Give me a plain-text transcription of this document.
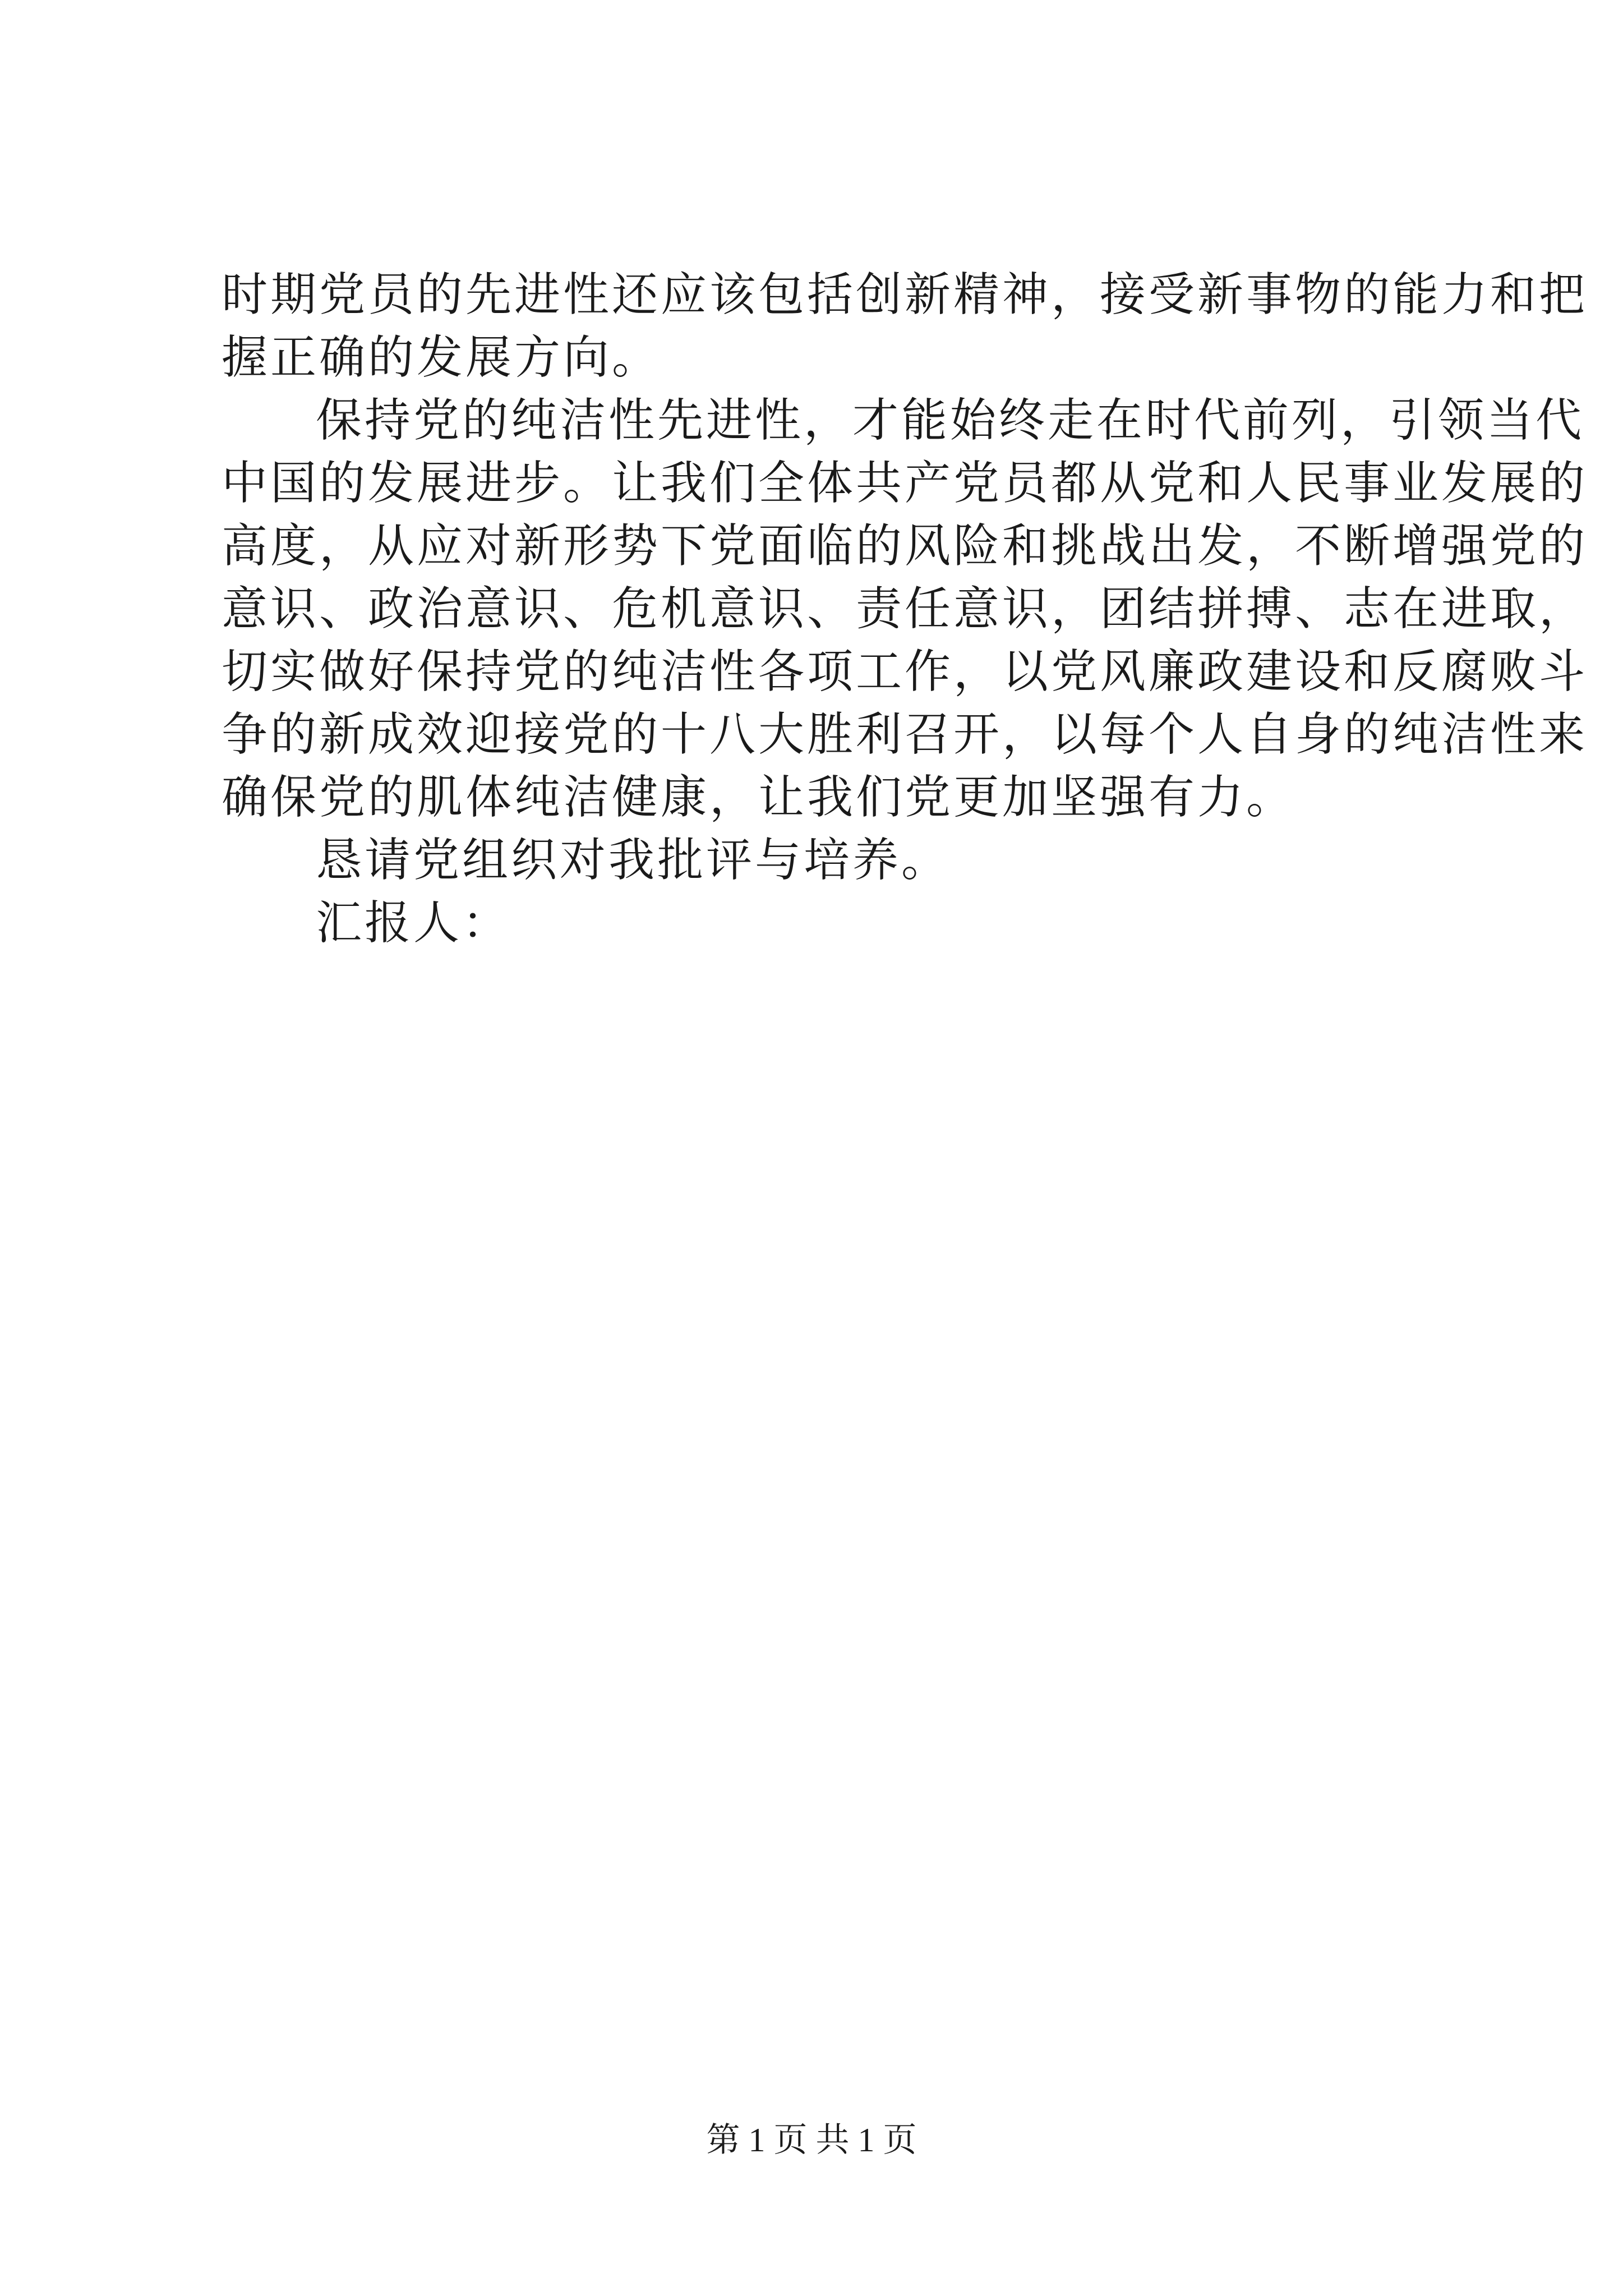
时期党员的先进性还应该包括创新精神，接受新事物的能力和把
握正确的发展方向。
保持党的纯洁性先进性，才能始终走在时代前列，引领当代
中国的发展进步。让我们全体共产党员都从党和人民事业发展的
高度，从应对新形势下党面临的风险和挑战出发，不断增强党的
意识、政治意识、危机意识、责任意识，团结拼搏、志在进取，
切实做好保持党的纯洁性各项工作，以党风廉政建设和反腐败斗
争的新成效迎接党的十八大胜利召开，以每个人自身的纯洁性来
确保党的肌体纯洁健康，让我们党更加坚强有力。
恳请党组织对我批评与培养。
汇报人：
第 1 页 共 1 页
